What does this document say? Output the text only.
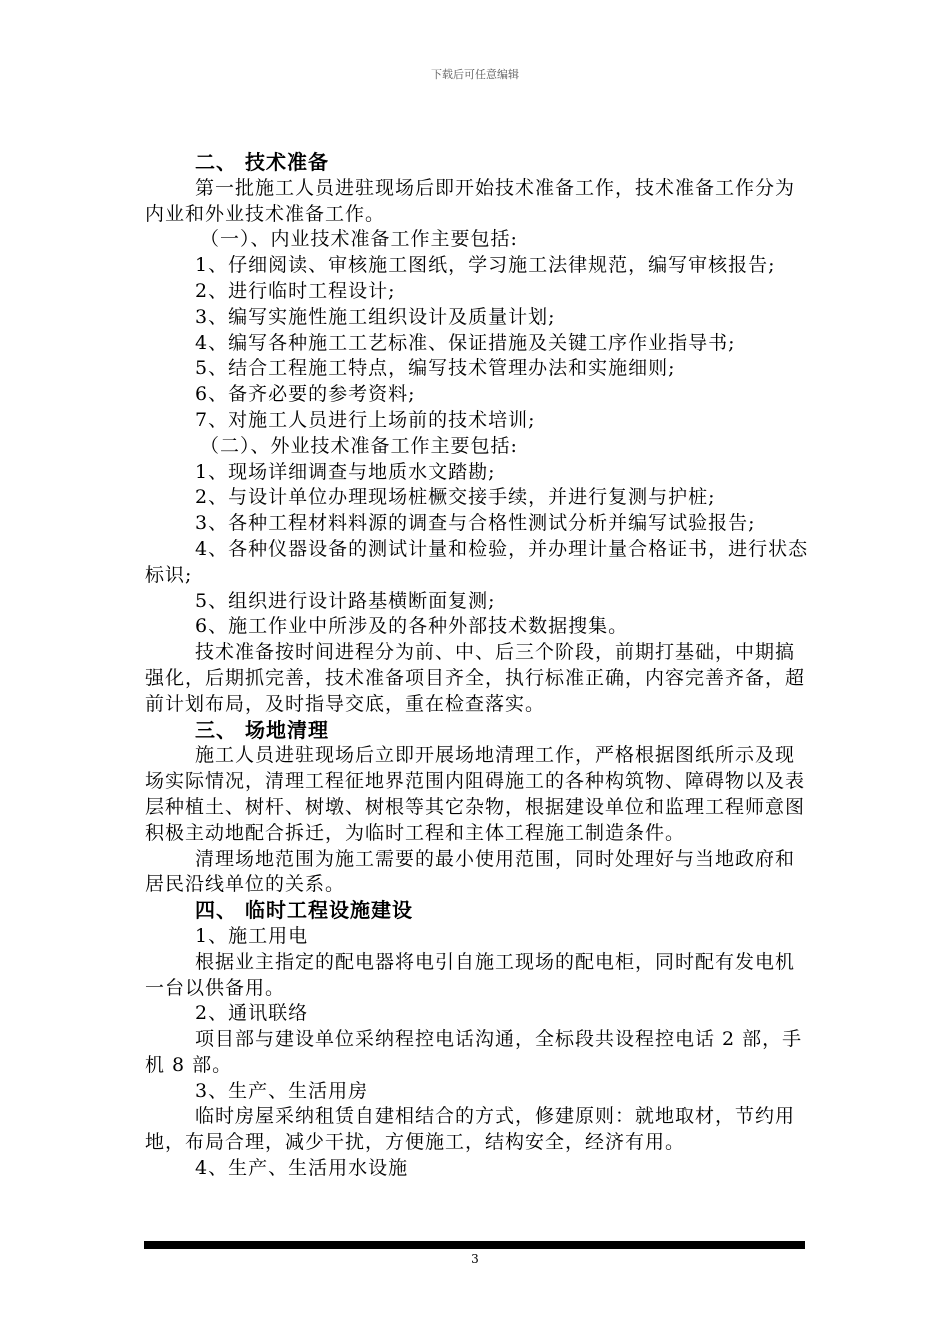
下载后可任意编辑

二、 技术准备

第一批施工人员进驻现场后即开始技术准备工作，技术准备工作分为内业和外业技术准备工作。

（一）、内业技术准备工作主要包括:

1、仔细阅读、审核施工图纸，学习施工法律规范，编写审核报告;

2、进行临时工程设计;

3、编写实施性施工组织设计及质量计划;

4、编写各种施工工艺标准、保证措施及关键工序作业指导书;

5、结合工程施工特点，编写技术管理办法和实施细则;

6、备齐必要的参考资料;

7、对施工人员进行上场前的技术培训;

（二）、外业技术准备工作主要包括:

1、现场详细调查与地质水文踏勘;

2、与设计单位办理现场桩橛交接手续，并进行复测与护桩;

3、各种工程材料料源的调查与合格性测试分析并编写试验报告;

4、各种仪器设备的测试计量和检验，并办理计量合格证书，进行状态标识;

5、组织进行设计路基横断面复测;

6、施工作业中所涉及的各种外部技术数据搜集。

技术准备按时间进程分为前、中、后三个阶段，前期打基础，中期搞强化，后期抓完善，技术准备项目齐全，执行标准正确，内容完善齐备，超前计划布局，及时指导交底，重在检查落实。

三、 场地清理

施工人员进驻现场后立即开展场地清理工作，严格根据图纸所示及现场实际情况，清理工程征地界范围内阻碍施工的各种构筑物、障碍物以及表层种植土、树杆、树墩、树根等其它杂物，根据建设单位和监理工程师意图积极主动地配合拆迁，为临时工程和主体工程施工制造条件。

清理场地范围为施工需要的最小使用范围，同时处理好与当地政府和居民沿线单位的关系。

四、 临时工程设施建设

1、施工用电

根据业主指定的配电器将电引自施工现场的配电柜，同时配有发电机一台以供备用。

2、通讯联络

项目部与建设单位采纳程控电话沟通，全标段共设程控电话 2 部，手机 8 部。

3、生产、生活用房

临时房屋采纳租赁自建相结合的方式，修建原则：就地取材，节约用地，布局合理，减少干扰，方便施工，结构安全，经济有用。

4、生产、生活用水设施

3
